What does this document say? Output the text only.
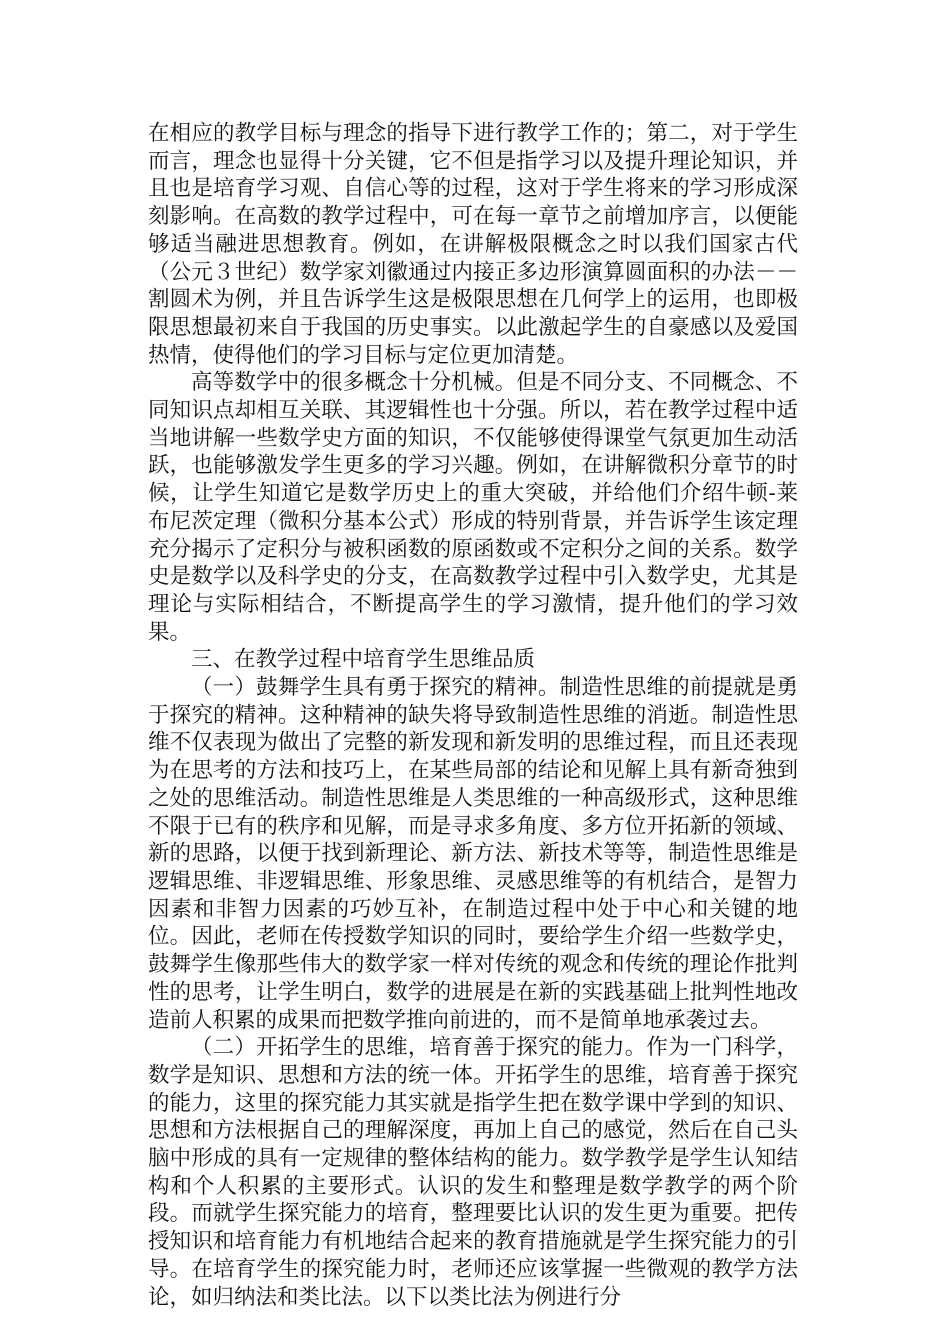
在相应的教学目标与理念的指导下进行教学工作的；第二，对于学生而言，理念也显得十分关键，它不但是指学习以及提升理论知识，并且也是培育学习观、自信心等的过程，这对于学生将来的学习形成深刻影响。在高数的教学过程中，可在每一章节之前增加序言，以便能够适当融进思想教育。例如，在讲解极限概念之时以我们国家古代（公元３世纪）数学家刘徽通过内接正多边形演算圆面积的办法－－割圆术为例，并且告诉学生这是极限思想在几何学上的运用，也即极限思想最初来自于我国的历史事实。以此激起学生的自豪感以及爱国热情，使得他们的学习目标与定位更加清楚。

高等数学中的很多概念十分机械。但是不同分支、不同概念、不同知识点却相互关联、其逻辑性也十分强。所以，若在教学过程中适当地讲解一些数学史方面的知识，不仅能够使得课堂气氛更加生动活跃，也能够激发学生更多的学习兴趣。例如，在讲解微积分章节的时候，让学生知道它是数学历史上的重大突破，并给他们介绍牛顿-莱布尼茨定理（微积分基本公式）形成的特别背景，并告诉学生该定理充分揭示了定积分与被积函数的原函数或不定积分之间的关系。数学史是数学以及科学史的分支，在高数教学过程中引入数学史，尤其是理论与实际相结合，不断提高学生的学习激情，提升他们的学习效果。

三、在教学过程中培育学生思维品质

（一）鼓舞学生具有勇于探究的精神。制造性思维的前提就是勇于探究的精神。这种精神的缺失将导致制造性思维的消逝。制造性思维不仅表现为做出了完整的新发现和新发明的思维过程，而且还表现为在思考的方法和技巧上，在某些局部的结论和见解上具有新奇独到之处的思维活动。制造性思维是人类思维的一种高级形式，这种思维不限于已有的秩序和见解，而是寻求多角度、多方位开拓新的领域、新的思路，以便于找到新理论、新方法、新技术等等，制造性思维是逻辑思维、非逻辑思维、形象思维、灵感思维等的有机结合，是智力因素和非智力因素的巧妙互补，在制造过程中处于中心和关键的地位。因此，老师在传授数学知识的同时，要给学生介绍一些数学史，鼓舞学生像那些伟大的数学家一样对传统的观念和传统的理论作批判性的思考，让学生明白，数学的进展是在新的实践基础上批判性地改造前人积累的成果而把数学推向前进的，而不是简单地承袭过去。

（二）开拓学生的思维，培育善于探究的能力。作为一门科学，数学是知识、思想和方法的统一体。开拓学生的思维，培育善于探究的能力，这里的探究能力其实就是指学生把在数学课中学到的知识、思想和方法根据自己的理解深度，再加上自己的感觉，然后在自己头脑中形成的具有一定规律的整体结构的能力。数学教学是学生认知结构和个人积累的主要形式。认识的发生和整理是数学教学的两个阶段。而就学生探究能力的培育，整理要比认识的发生更为重要。把传授知识和培育能力有机地结合起来的教育措施就是学生探究能力的引导。在培育学生的探究能力时，老师还应该掌握一些微观的教学方法论，如归纳法和类比法。以下以类比法为例进行分
